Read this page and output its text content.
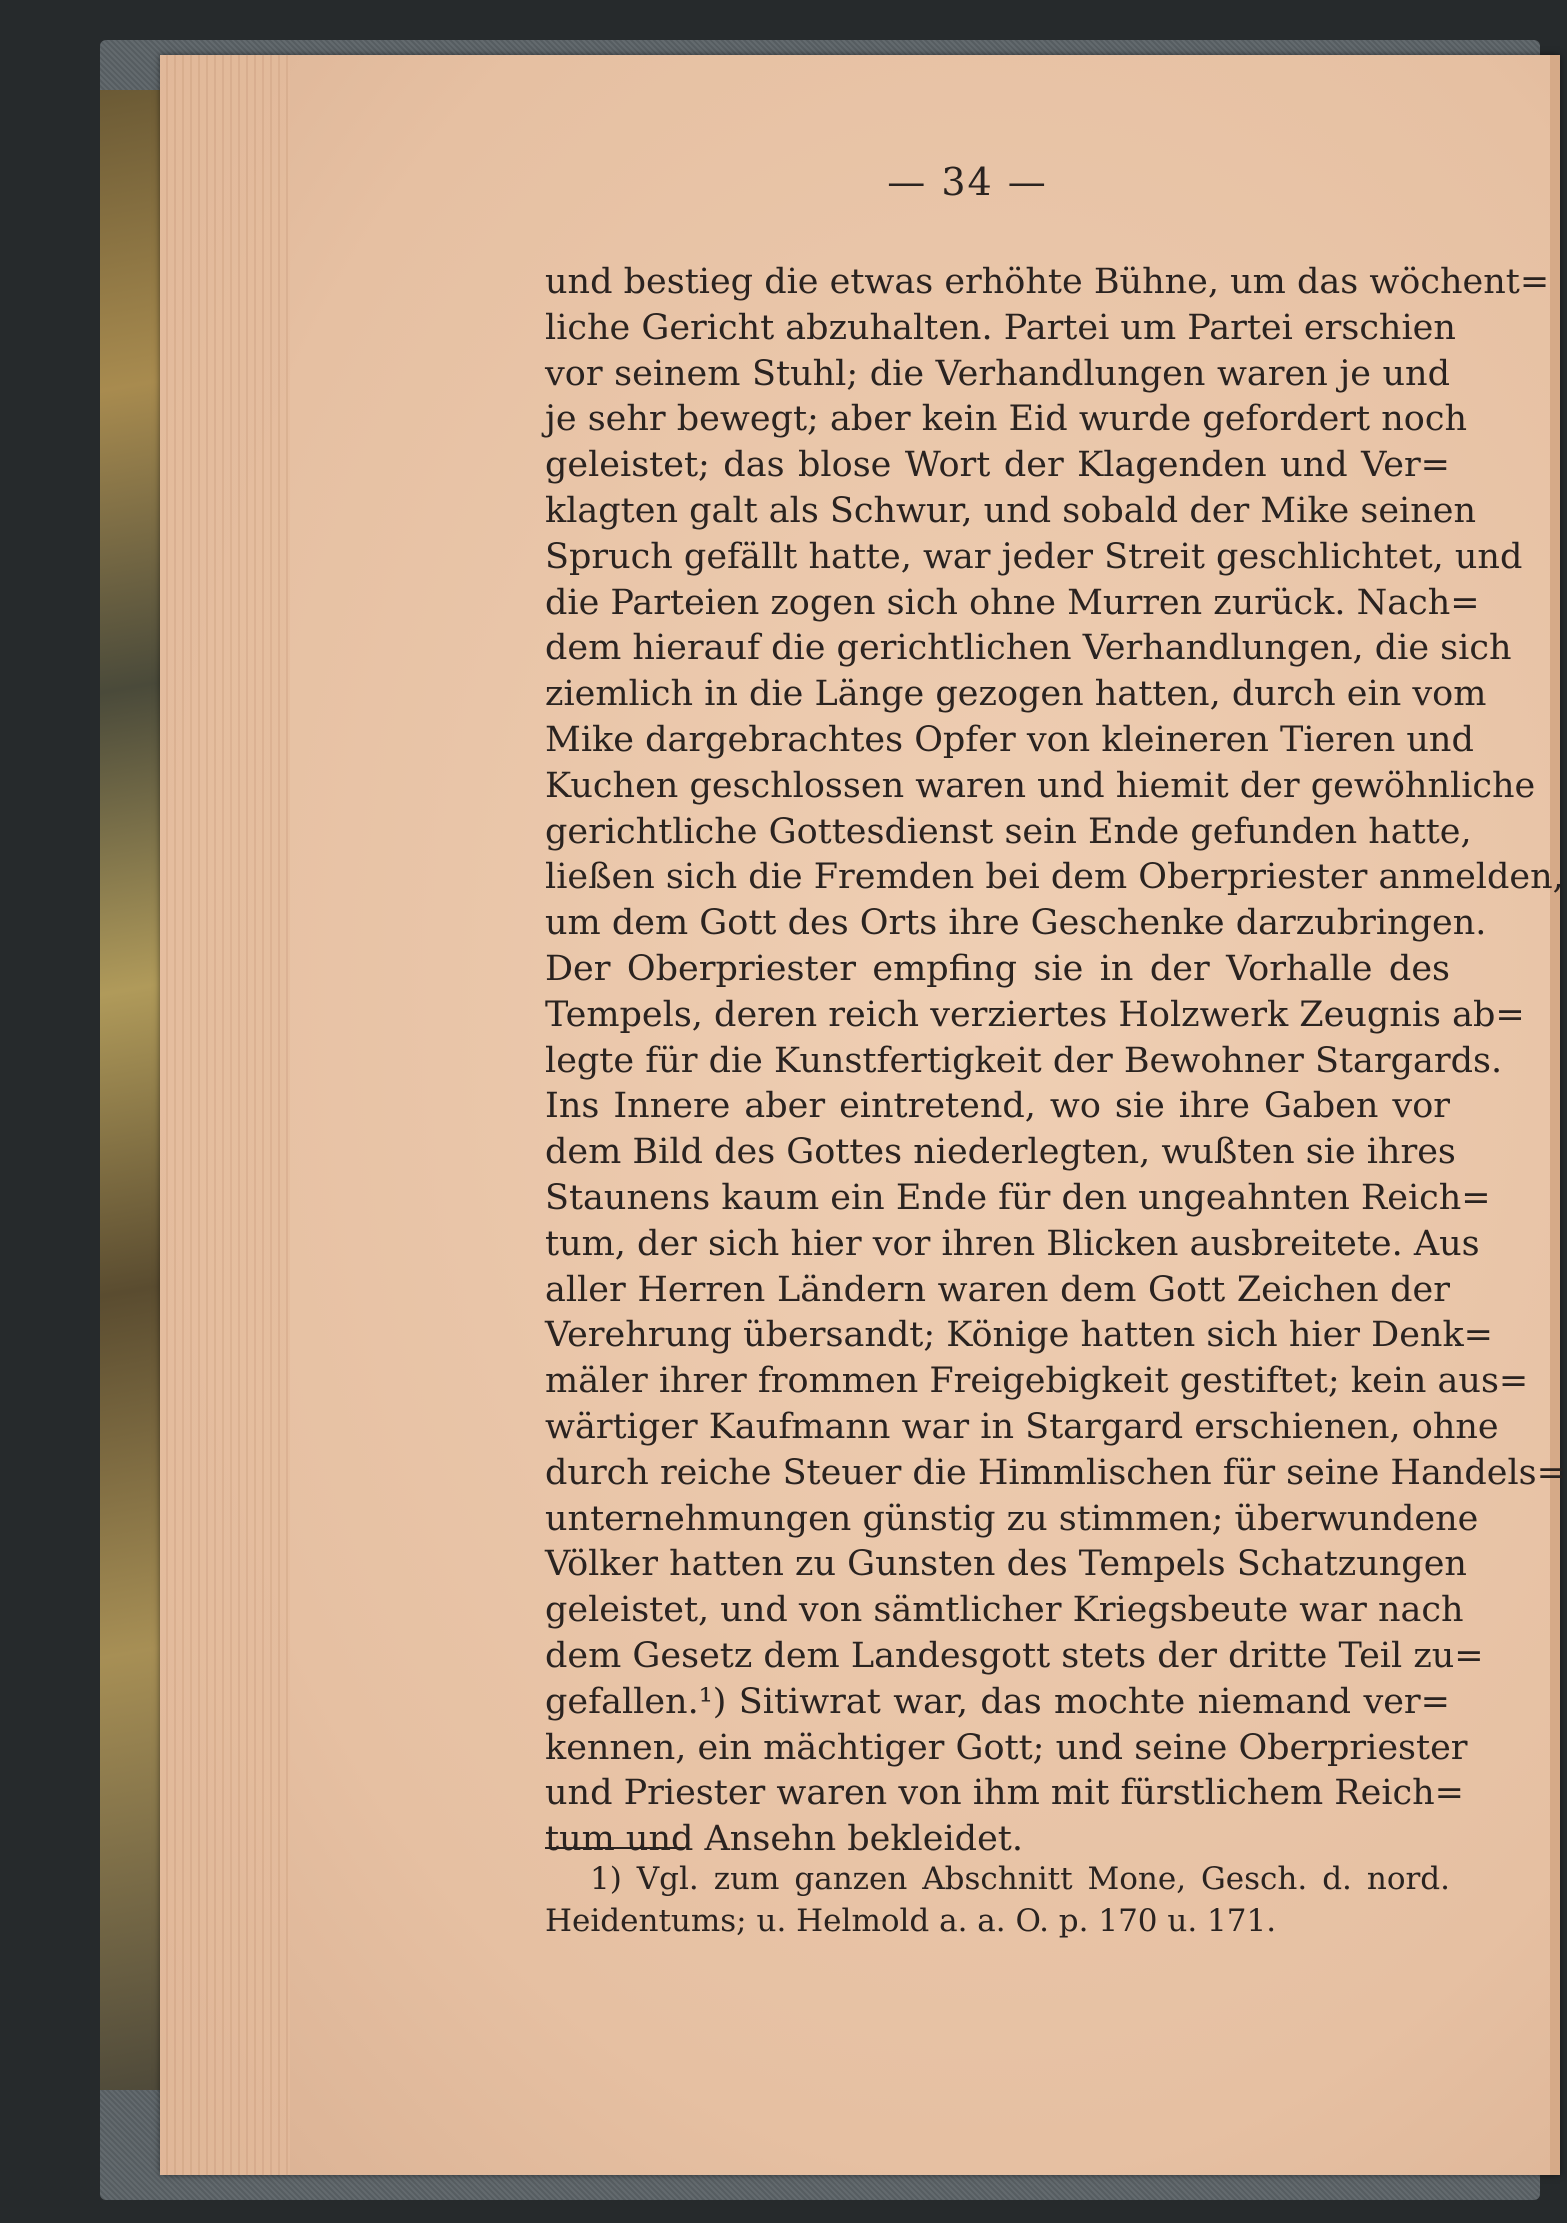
— 34 —
und bestieg die etwas erhöhte Bühne, um das wöchent=
liche Gericht abzuhalten. Partei um Partei erschien
vor seinem Stuhl; die Verhandlungen waren je und
je sehr bewegt; aber kein Eid wurde gefordert noch
geleistet; das blose Wort der Klagenden und Ver=
klagten galt als Schwur, und sobald der Mike seinen
Spruch gefällt hatte, war jeder Streit geschlichtet, und
die Parteien zogen sich ohne Murren zurück. Nach=
dem hierauf die gerichtlichen Verhandlungen, die sich
ziemlich in die Länge gezogen hatten, durch ein vom
Mike dargebrachtes Opfer von kleineren Tieren und
Kuchen geschlossen waren und hiemit der gewöhnliche
gerichtliche Gottesdienst sein Ende gefunden hatte,
ließen sich die Fremden bei dem Oberpriester anmelden,
um dem Gott des Orts ihre Geschenke darzubringen.
Der Oberpriester empfing sie in der Vorhalle des
Tempels, deren reich verziertes Holzwerk Zeugnis ab=
legte für die Kunstfertigkeit der Bewohner Stargards.
Ins Innere aber eintretend, wo sie ihre Gaben vor
dem Bild des Gottes niederlegten, wußten sie ihres
Staunens kaum ein Ende für den ungeahnten Reich=
tum, der sich hier vor ihren Blicken ausbreitete. Aus
aller Herren Ländern waren dem Gott Zeichen der
Verehrung übersandt; Könige hatten sich hier Denk=
mäler ihrer frommen Freigebigkeit gestiftet; kein aus=
wärtiger Kaufmann war in Stargard erschienen, ohne
durch reiche Steuer die Himmlischen für seine Handels=
unternehmungen günstig zu stimmen; überwundene
Völker hatten zu Gunsten des Tempels Schatzungen
geleistet, und von sämtlicher Kriegsbeute war nach
dem Gesetz dem Landesgott stets der dritte Teil zu=
gefallen.¹) Sitiwrat war, das mochte niemand ver=
kennen, ein mächtiger Gott; und seine Oberpriester
und Priester waren von ihm mit fürstlichem Reich=
tum und Ansehn bekleidet.
1) Vgl. zum ganzen Abschnitt Mone, Gesch. d. nord.
Heidentums; u. Helmold a. a. O. p. 170 u. 171.
